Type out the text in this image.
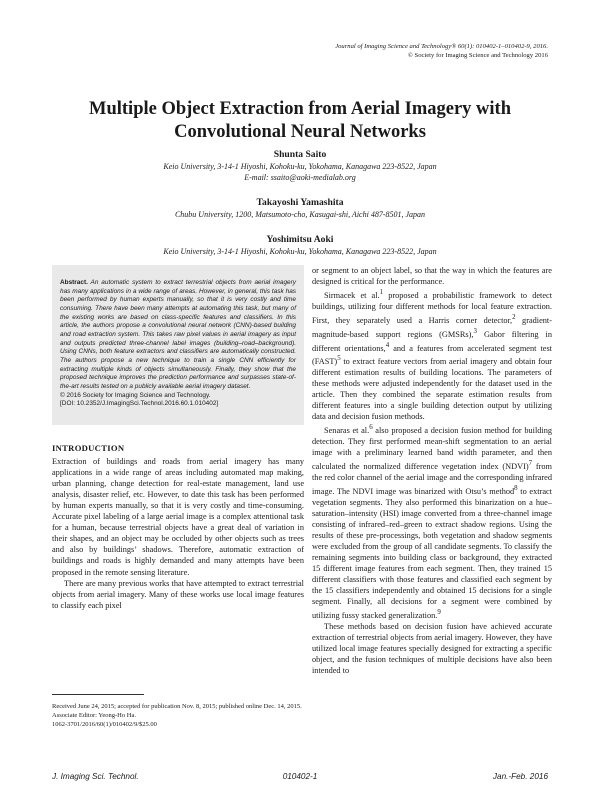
Journal of Imaging Science and Technology® 60(1): 010402-1–010402-9, 2016.
© Society for Imaging Science and Technology 2016
Multiple Object Extraction from Aerial Imagery with
Convolutional Neural Networks
Shunta Saito
Keio University, 3-14-1 Hiyoshi, Kohoku-ku, Yokohama, Kanagawa 223-8522, Japan
E-mail: ssaito@aoki-medialab.org
Takayoshi Yamashita
Chubu University, 1200, Matsumoto-cho, Kasugai-shi, Aichi 487-8501, Japan
Yoshimitsu Aoki
Keio University, 3-14-1 Hiyoshi, Kohoku-ku, Yokohama, Kanagawa 223-8522, Japan
Abstract. An automatic system to extract terrestrial objects from aerial imagery has many applications in a wide range of areas. However, in general, this task has been performed by human experts manually, so that it is very costly and time consuming. There have been many attempts at automating this task, but many of the existing works are based on class-specific features and classifiers. In this article, the authors propose a convolutional neural network (CNN)-based building and road extraction system. This takes raw pixel values in aerial imagery as input and outputs predicted three-channel label images (building–road–background). Using CNNs, both feature extractors and classifiers are automatically constructed. The authors propose a new technique to train a single CNN efficiently for extracting multiple kinds of objects simultaneously. Finally, they show that the proposed technique improves the prediction performance and surpasses state-of-the-art results tested on a publicly available aerial imagery dataset.
© 2016 Society for Imaging Science and Technology.
[DOI: 10.2352/J.ImagingSci.Technol.2016.60.1.010402]
INTRODUCTION

Extraction of buildings and roads from aerial imagery has many applications in a wide range of areas including automated map making, urban planning, change detection for real-estate management, land use analysis, disaster relief, etc. However, to date this task has been performed by human experts manually, so that it is very costly and time-consuming. Accurate pixel labeling of a large aerial image is a complex attentional task for a human, because terrestrial objects have a great deal of variation in their shapes, and an object may be occluded by other objects such as trees and also by buildings’ shadows. Therefore, automatic extraction of buildings and roads is highly demanded and many attempts have been proposed in the remote sensing literature.

There are many previous works that have attempted to extract terrestrial objects from aerial imagery. Many of these works use local image features to classify each pixel

Received June 24, 2015; accepted for publication Nov. 8, 2015; published online Dec. 14, 2015. Associate Editor: Yeong-Ho Ha.
1062-3701/2016/60(1)/010402/9/$25.00

or segment to an object label, so that the way in which the features are designed is critical for the performance.

Sirmacek et al.$^1$ proposed a probabilistic framework to detect buildings, utilizing four different methods for local feature extraction. First, they separately used a Harris corner detector,$^2$ gradient-magnitude-based support regions (GMSRs),$^3$ Gabor filtering in different orientations,$^4$ and a features from accelerated segment test (FAST)$^5$ to extract feature vectors from aerial imagery and obtain four different estimation results of building locations. The parameters of these methods were adjusted independently for the dataset used in the article. Then they combined the separate estimation results from different features into a single building detection output by utilizing data and decision fusion methods.

Senaras et al.$^6$ also proposed a decision fusion method for building detection. They first performed mean-shift segmentation to an aerial image with a preliminary learned band width parameter, and then calculated the normalized difference vegetation index (NDVI)$^7$ from the red color channel of the aerial image and the corresponding infrared image. The NDVI image was binarized with Otsu’s method$^8$ to extract vegetation segments. They also performed this binarization on a hue–saturation–intensity (HSI) image converted from a three-channel image consisting of infrared–red–green to extract shadow regions. Using the results of these pre-processings, both vegetation and shadow segments were excluded from the group of all candidate segments. To classify the remaining segments into building class or background, they extracted 15 different image features from each segment. Then, they trained 15 different classifiers with those features and classified each segment by the 15 classifiers independently and obtained 15 decisions for a single segment. Finally, all decisions for a segment were combined by utilizing fussy stacked generalization.$^9$

These methods based on decision fusion have achieved accurate extraction of terrestrial objects from aerial imagery. However, they have utilized local image features specially designed for extracting a specific object, and the fusion techniques of multiple decisions have also been intended to

J. Imaging Sci. Technol.	010402-1	Jan.-Feb. 2016
